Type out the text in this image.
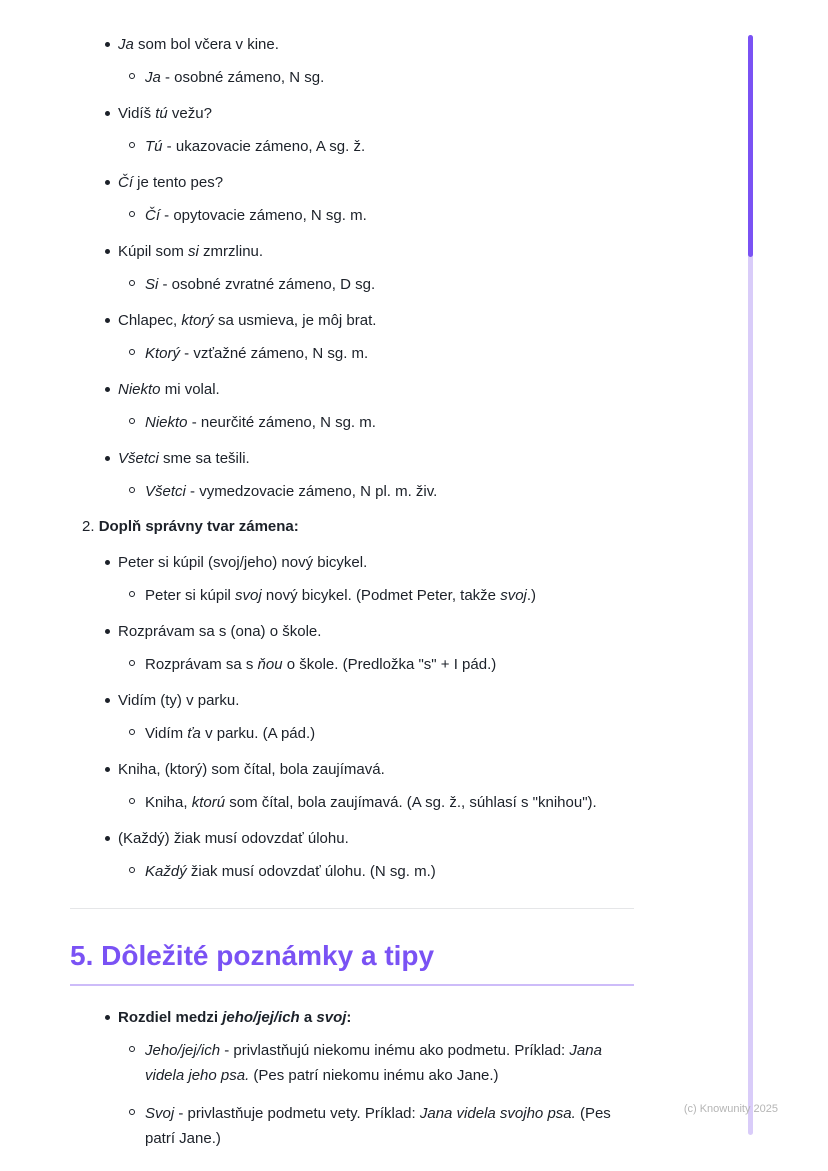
Ja som bol včera v kine.
Ja - osobné zámeno, N sg.
Vidíš tú vežu?
Tú - ukazovacie zámeno, A sg. ž.
Čí je tento pes?
Čí - opytovacie zámeno, N sg. m.
Kúpil som si zmrzlinu.
Si - osobné zvratné zámeno, D sg.
Chlapec, ktorý sa usmieva, je môj brat.
Ktorý - vzťažné zámeno, N sg. m.
Niekto mi volal.
Niekto - neurčité zámeno, N sg. m.
Všetci sme sa tešili.
Všetci - vymedzovacie zámeno, N pl. m. živ.
2. Doplň správny tvar zámena:
Peter si kúpil (svoj/jeho) nový bicykel.
Peter si kúpil svoj nový bicykel. (Podmet Peter, takže svoj.)
Rozprávam sa s (ona) o škole.
Rozprávam sa s ňou o škole. (Predložka "s" + I pád.)
Vidím (ty) v parku.
Vidím ťa v parku. (A pád.)
Kniha, (ktorý) som čítal, bola zaujímavá.
Kniha, ktorú som čítal, bola zaujímavá. (A sg. ž., súhlasí s "knihou").
(Každý) žiak musí odovzdať úlohu.
Každý žiak musí odovzdať úlohu. (N sg. m.)
5. Dôležité poznámky a tipy
Rozdiel medzi jeho/jej/ich a svoj:
Jeho/jej/ich - privlastňujú niekomu inému ako podmetu. Príklad: Jana videla jeho psa. (Pes patrí niekomu inému ako Jane.)
Svoj - privlastňuje podmetu vety. Príklad: Jana videla svojho psa. (Pes patrí Jane.)
(c) Knowunity 2025
